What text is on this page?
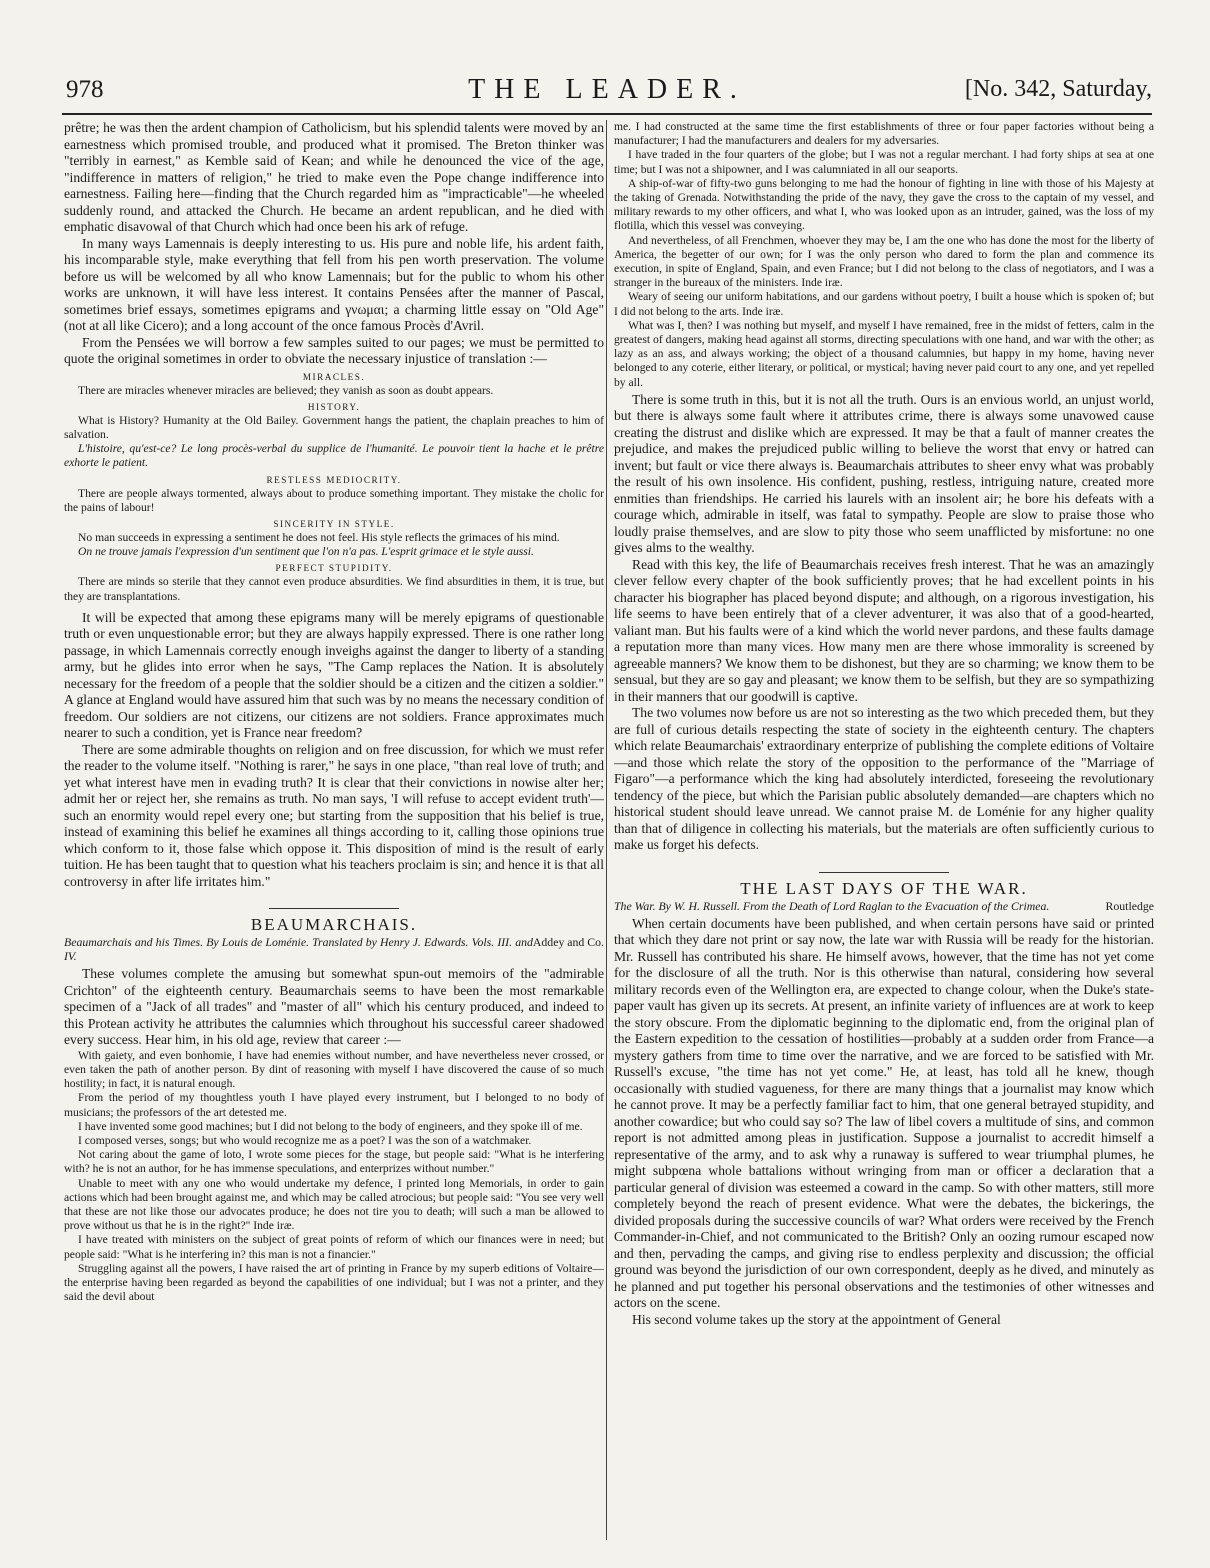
978	THE LEADER.	[No. 342, Saturday,

prêtre; he was then the ardent champion of Catholicism, but his splendid talents were moved by an earnestness which promised trouble, and produced what it promised. The Breton thinker was "terribly in earnest," as Kemble said of Kean; and while he denounced the vice of the age, "indifference in matters of religion," he tried to make even the Pope change indifference into earnestness. Failing here—finding that the Church regarded him as "impracticable"—he wheeled suddenly round, and attacked the Church. He became an ardent republican, and he died with emphatic disavowal of that Church which had once been his ark of refuge.

In many ways Lamennais is deeply interesting to us. His pure and noble life, his ardent faith, his incomparable style, make everything that fell from his pen worth preservation. The volume before us will be welcomed by all who know Lamennais; but for the public to whom his other works are unknown, it will have less interest. It contains Pensées after the manner of Pascal, sometimes brief essays, sometimes epigrams and γνωμαι; a charming little essay on "Old Age" (not at all like Cicero); and a long account of the once famous Procès d'Avril.

From the Pensées we will borrow a few samples suited to our pages; we must be permitted to quote the original sometimes in order to obviate the necessary injustice of translation :—

MIRACLES.

There are miracles whenever miracles are believed; they vanish as soon as doubt appears.

HISTORY.

What is History? Humanity at the Old Bailey. Government hangs the patient, the chaplain preaches to him of salvation.

L'histoire, qu'est-ce? Le long procès-verbal du supplice de l'humanité. Le pouvoir tient la hache et le prêtre exhorte le patient.

RESTLESS MEDIOCRITY.

There are people always tormented, always about to produce something important. They mistake the cholic for the pains of labour!

SINCERITY IN STYLE.

No man succeeds in expressing a sentiment he does not feel. His style reflects the grimaces of his mind.

On ne trouve jamais l'expression d'un sentiment que l'on n'a pas. L'esprit grimace et le style aussi.

PERFECT STUPIDITY.

There are minds so sterile that they cannot even produce absurdities. We find absurdities in them, it is true, but they are transplantations.

It will be expected that among these epigrams many will be merely epigrams of questionable truth or even unquestionable error; but they are always happily expressed. There is one rather long passage, in which Lamennais correctly enough inveighs against the danger to liberty of a standing army, but he glides into error when he says, "The Camp replaces the Nation. It is absolutely necessary for the freedom of a people that the soldier should be a citizen and the citizen a soldier." A glance at England would have assured him that such was by no means the necessary condition of freedom. Our soldiers are not citizens, our citizens are not soldiers. France approximates much nearer to such a condition, yet is France near freedom?

There are some admirable thoughts on religion and on free discussion, for which we must refer the reader to the volume itself. "Nothing is rarer," he says in one place, "than real love of truth; and yet what interest have men in evading truth? It is clear that their convictions in nowise alter her; admit her or reject her, she remains as truth. No man says, 'I will refuse to accept evident truth'—such an enormity would repel every one; but starting from the supposition that his belief is true, instead of examining this belief he examines all things according to it, calling those opinions true which conform to it, those false which oppose it. This disposition of mind is the result of early tuition. He has been taught that to question what his teachers proclaim is sin; and hence it is that all controversy in after life irritates him."

BEAUMARCHAIS.

Addey and Co.
Beaumarchais and his Times. By Louis de Loménie. Translated by Henry J. Edwards. Vols. III. and IV.

These volumes complete the amusing but somewhat spun-out memoirs of the "admirable Crichton" of the eighteenth century. Beaumarchais seems to have been the most remarkable specimen of a "Jack of all trades" and "master of all" which his century produced, and indeed to this Protean activity he attributes the calumnies which throughout his successful career shadowed every success. Hear him, in his old age, review that career :—

With gaiety, and even bonhomie, I have had enemies without number, and have nevertheless never crossed, or even taken the path of another person. By dint of reasoning with myself I have discovered the cause of so much hostility; in fact, it is natural enough.

From the period of my thoughtless youth I have played every instrument, but I belonged to no body of musicians; the professors of the art detested me.

I have invented some good machines; but I did not belong to the body of engineers, and they spoke ill of me.

I composed verses, songs; but who would recognize me as a poet? I was the son of a watchmaker.

Not caring about the game of loto, I wrote some pieces for the stage, but people said: "What is he interfering with? he is not an author, for he has immense speculations, and enterprizes without number."

Unable to meet with any one who would undertake my defence, I printed long Memorials, in order to gain actions which had been brought against me, and which may be called atrocious; but people said: "You see very well that these are not like those our advocates produce; he does not tire you to death; will such a man be allowed to prove without us that he is in the right?" Inde iræ.

I have treated with ministers on the subject of great points of reform of which our finances were in need; but people said: "What is he interfering in? this man is not a financier."

Struggling against all the powers, I have raised the art of printing in France by my superb editions of Voltaire—the enterprise having been regarded as beyond the capabilities of one individual; but I was not a printer, and they said the devil about

me. I had constructed at the same time the first establishments of three or four paper factories without being a manufacturer; I had the manufacturers and dealers for my adversaries.

I have traded in the four quarters of the globe; but I was not a regular merchant. I had forty ships at sea at one time; but I was not a shipowner, and I was calumniated in all our seaports.

A ship-of-war of fifty-two guns belonging to me had the honour of fighting in line with those of his Majesty at the taking of Grenada. Notwithstanding the pride of the navy, they gave the cross to the captain of my vessel, and military rewards to my other officers, and what I, who was looked upon as an intruder, gained, was the loss of my flotilla, which this vessel was conveying.

And nevertheless, of all Frenchmen, whoever they may be, I am the one who has done the most for the liberty of America, the begetter of our own; for I was the only person who dared to form the plan and commence its execution, in spite of England, Spain, and even France; but I did not belong to the class of negotiators, and I was a stranger in the bureaux of the ministers. Inde iræ.

Weary of seeing our uniform habitations, and our gardens without poetry, I built a house which is spoken of; but I did not belong to the arts. Inde iræ.

What was I, then? I was nothing but myself, and myself I have remained, free in the midst of fetters, calm in the greatest of dangers, making head against all storms, directing speculations with one hand, and war with the other; as lazy as an ass, and always working; the object of a thousand calumnies, but happy in my home, having never belonged to any coterie, either literary, or political, or mystical; having never paid court to any one, and yet repelled by all.

There is some truth in this, but it is not all the truth. Ours is an envious world, an unjust world, but there is always some fault where it attributes crime, there is always some unavowed cause creating the distrust and dislike which are expressed. It may be that a fault of manner creates the prejudice, and makes the prejudiced public willing to believe the worst that envy or hatred can invent; but fault or vice there always is. Beaumarchais attributes to sheer envy what was probably the result of his own insolence. His confident, pushing, restless, intriguing nature, created more enmities than friendships. He carried his laurels with an insolent air; he bore his defeats with a courage which, admirable in itself, was fatal to sympathy. People are slow to praise those who loudly praise themselves, and are slow to pity those who seem unafflicted by misfortune: no one gives alms to the wealthy.

Read with this key, the life of Beaumarchais receives fresh interest. That he was an amazingly clever fellow every chapter of the book sufficiently proves; that he had excellent points in his character his biographer has placed beyond dispute; and although, on a rigorous investigation, his life seems to have been entirely that of a clever adventurer, it was also that of a good-hearted, valiant man. But his faults were of a kind which the world never pardons, and these faults damage a reputation more than many vices. How many men are there whose immorality is screened by agreeable manners? We know them to be dishonest, but they are so charming; we know them to be sensual, but they are so gay and pleasant; we know them to be selfish, but they are so sympathizing in their manners that our goodwill is captive.

The two volumes now before us are not so interesting as the two which preceded them, but they are full of curious details respecting the state of society in the eighteenth century. The chapters which relate Beaumarchais' extraordinary enterprize of publishing the complete editions of Voltaire—and those which relate the story of the opposition to the performance of the "Marriage of Figaro"—a performance which the king had absolutely interdicted, foreseeing the revolutionary tendency of the piece, but which the Parisian public absolutely demanded—are chapters which no historical student should leave unread. We cannot praise M. de Loménie for any higher quality than that of diligence in collecting his materials, but the materials are often sufficiently curious to make us forget his defects.

THE LAST DAYS OF THE WAR.

Routledge
The War. By W. H. Russell. From the Death of Lord Raglan to the Evacuation of the Crimea.

When certain documents have been published, and when certain persons have said or printed that which they dare not print or say now, the late war with Russia will be ready for the historian. Mr. Russell has contributed his share. He himself avows, however, that the time has not yet come for the disclosure of all the truth. Nor is this otherwise than natural, considering how several military records even of the Wellington era, are expected to change colour, when the Duke's state-paper vault has given up its secrets. At present, an infinite variety of influences are at work to keep the story obscure. From the diplomatic beginning to the diplomatic end, from the original plan of the Eastern expedition to the cessation of hostilities—probably at a sudden order from France—a mystery gathers from time to time over the narrative, and we are forced to be satisfied with Mr. Russell's excuse, "the time has not yet come." He, at least, has told all he knew, though occasionally with studied vagueness, for there are many things that a journalist may know which he cannot prove. It may be a perfectly familiar fact to him, that one general betrayed stupidity, and another cowardice; but who could say so? The law of libel covers a multitude of sins, and common report is not admitted among pleas in justification. Suppose a journalist to accredit himself a representative of the army, and to ask why a runaway is suffered to wear triumphal plumes, he might subpœna whole battalions without wringing from man or officer a declaration that a particular general of division was esteemed a coward in the camp. So with other matters, still more completely beyond the reach of present evidence. What were the debates, the bickerings, the divided proposals during the successive councils of war? What orders were received by the French Commander-in-Chief, and not communicated to the British? Only an oozing rumour escaped now and then, pervading the camps, and giving rise to endless perplexity and discussion; the official ground was beyond the jurisdiction of our own correspondent, deeply as he dived, and minutely as he planned and put together his personal observations and the testimonies of other witnesses and actors on the scene.

His second volume takes up the story at the appointment of General
